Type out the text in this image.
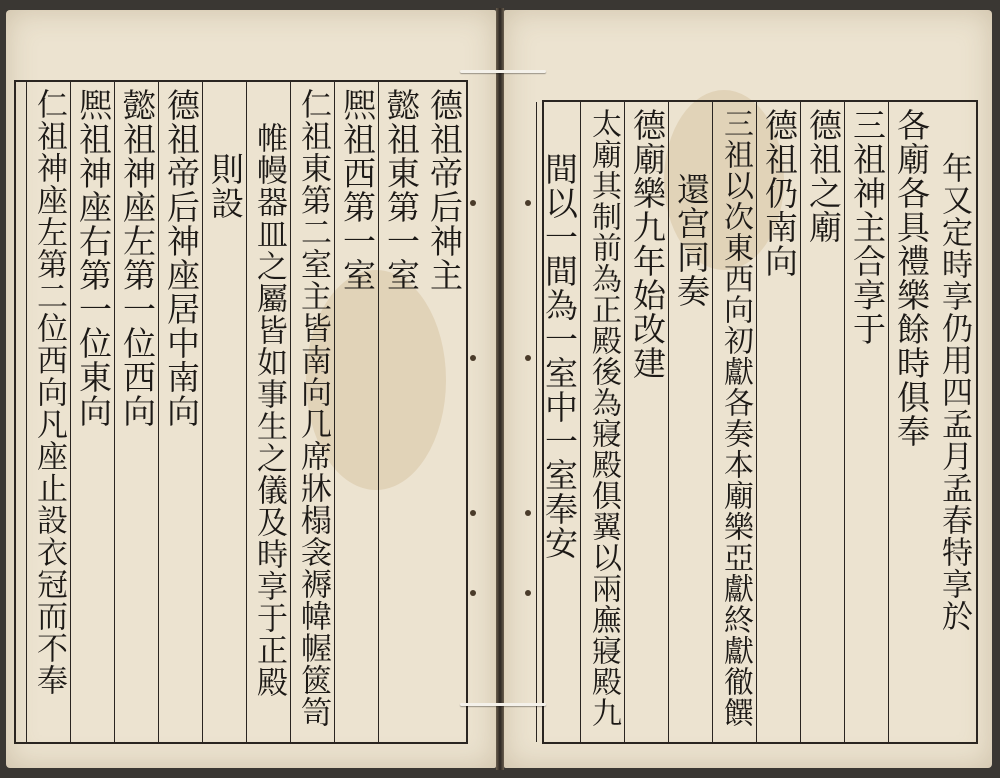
德祖帝后神主
懿祖東第一室
熈祖西第一室
仁祖東第二室主皆南向几席牀榻衾褥幃幄篋笥
帷幔器皿之屬皆如事生之儀及時享于正殿
則設
德祖帝后神座居中南向
懿祖神座左第一位西向
熈祖神座右第一位東向
仁祖神座左第二位西向凡座止設衣冠而不奉	年又定時享仍用四孟月孟春特享於
各廟各具禮樂餘時俱奉
三祖神主合享于
德祖之廟
德祖仍南向
三祖以次東西向初獻各奏本廟樂亞獻終獻徹饌
還宫同奏
德廟樂九年始改建
太廟其制前為正殿後為寢殿俱翼以兩廡寢殿九
間以一間為一室中一室奉安
